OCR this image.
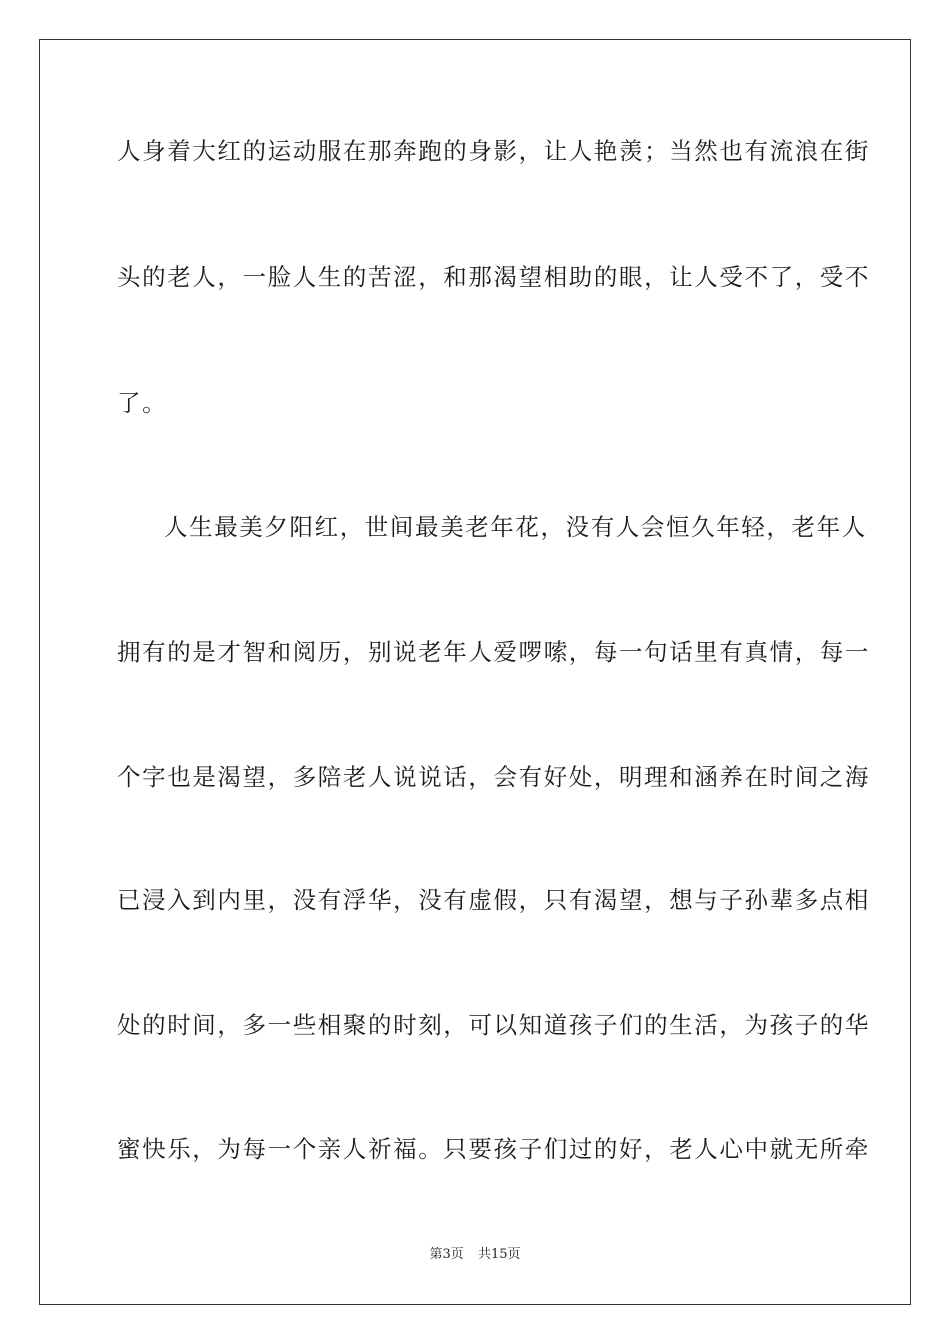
人身着大红的运动服在那奔跑的身影，让人艳羡；当然也有流浪在街
头的老人，一脸人生的苦涩，和那渴望相助的眼，让人受不了，受不
了。
人生最美夕阳红，世间最美老年花，没有人会恒久年轻，老年人
拥有的是才智和阅历，别说老年人爱啰嗦，每一句话里有真情，每一
个字也是渴望，多陪老人说说话，会有好处，明理和涵养在时间之海
已浸入到内里，没有浮华，没有虚假，只有渴望，想与子孙辈多点相
处的时间，多一些相聚的时刻，可以知道孩子们的生活，为孩子的华
蜜快乐，为每一个亲人祈福。只要孩子们过的好，老人心中就无所牵
第3页 共15页
